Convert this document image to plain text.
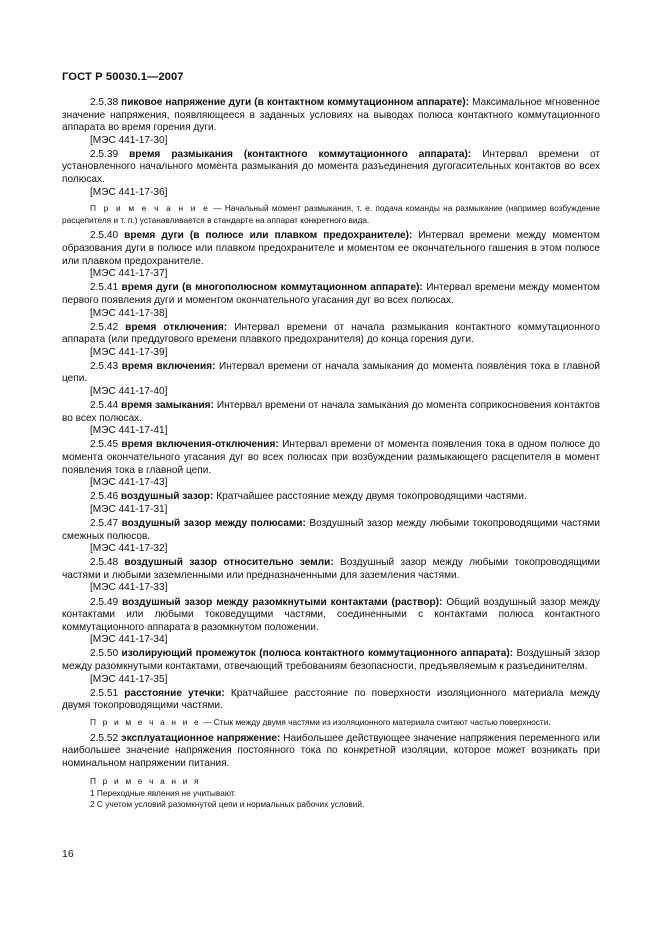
ГОСТ Р 50030.1—2007

2.5.38 пиковое напряжение дуги (в контактном коммутационном аппарате): Максимальное мгновенное значение напряжения, появляющееся в заданных условиях на выводах полюса контактного коммутационного аппарата во время горения дуги.

[МЭС 441-17-30]

2.5.39 время размыкания (контактного коммутационного аппарата): Интервал времени от установленного начального момента размыкания до момента разъединения дугогасительных контактов во всех полюсах.

[МЭС 441-17-36]

П р и м е ч а н и е — Начальный момент размыкания, т. е. подача команды на размыкание (например возбуждение расцепителя и т. п.) устанавливается в стандарте на аппарат конкретного вида.

2.5.40 время дуги (в полюсе или плавком предохранителе): Интервал времени между моментом образования дуги в полюсе или плавком предохранителе и моментом ее окончательного гашения в этом полюсе или плавком предохранителе.

[МЭС 441-17-37]

2.5.41 время дуги (в многополюсном коммутационном аппарате): Интервал времени между моментом первого появления дуги и моментом окончательного угасания дуг во всех полюсах.

[МЭС 441-17-38]

2.5.42 время отключения: Интервал времени от начала размыкания контактного коммутационного аппарата (или преддугового времени плавкого предохранителя) до конца горения дуги.

[МЭС 441-17-39]

2.5.43 время включения: Интервал времени от начала замыкания до момента появления тока в главной цепи.

[МЭС 441-17-40]

2.5.44 время замыкания: Интервал времени от начала замыкания до момента соприкосновения контактов во всех полюсах.

[МЭС 441-17-41]

2.5.45 время включения-отключения: Интервал времени от момента появления тока в одном полюсе до момента окончательного угасания дуг во всех полюсах при возбуждении размыкающего расцепителя в момент появления тока в главной цепи.

[МЭС 441-17-43]

2.5.46 воздушный зазор: Кратчайшее расстояние между двумя токопроводящими частями.

[МЭС 441-17-31]

2.5.47 воздушный зазор между полюсами: Воздушный зазор между любыми токопроводящими частями смежных полюсов.

[МЭС 441-17-32]

2.5.48 воздушный зазор относительно земли: Воздушный зазор между любыми токопроводящими частями и любыми заземленными или предназначенными для заземления частями.

[МЭС 441-17-33]

2.5.49 воздушный зазор между разомкнутыми контактами (раствор): Общий воздушный зазор между контактами или любыми токоведущими частями, соединенными с контактами полюса контактного коммутационного аппарата в разомкнутом положении.

[МЭС 441-17-34]

2.5.50 изолирующий промежуток (полюса контактного коммутационного аппарата): Воздушный зазор между разомкнутыми контактами, отвечающий требованиям безопасности, предъявляемым к разъединителям.

[МЭС 441-17-35]

2.5.51 расстояние утечки: Кратчайшее расстояние по поверхности изоляционного материала между двумя токопроводящими частями.

П р и м е ч а н и е — Стык между двумя частями из изоляционного материала считают частью поверхности.

2.5.52 эксплуатационное напряжение: Наибольшее действующее значение напряжения переменного или наибольшее значение напряжения постоянного тока по конкретной изоляции, которое может возникать при номинальном напряжении питания.

П р и м е ч а н и я
1 Переходные явления не учитывают.
2 С учетом условий разомкнутой цепи и нормальных рабочих условий.
16
